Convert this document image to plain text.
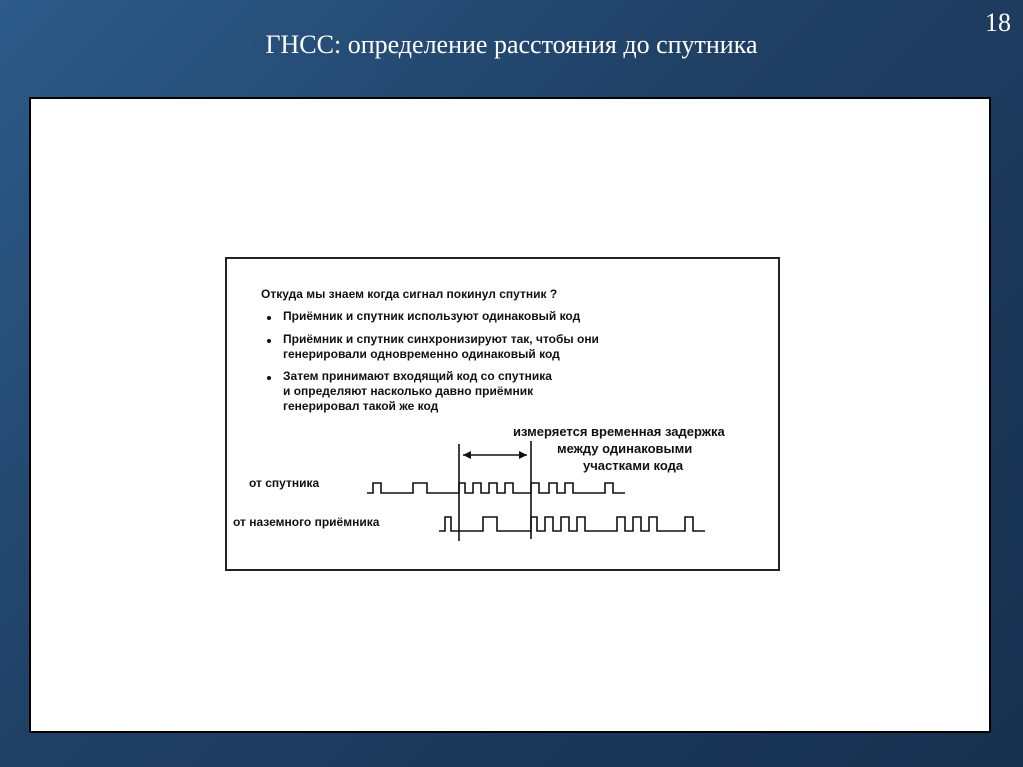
18
ГНСС: определение расстояния до спутника
Откуда мы знаем когда сигнал покинул спутник ?
Приёмник и спутник используют одинаковый код
Приёмник и спутник синхронизируют так, чтобы они
генерировали одновременно одинаковый код
Затем принимают входящий код со спутника
и определяют насколько давно приёмник
генерировал такой же код
измеряется временная задержка
между одинаковыми
участками кода
от спутника
от наземного приёмника
